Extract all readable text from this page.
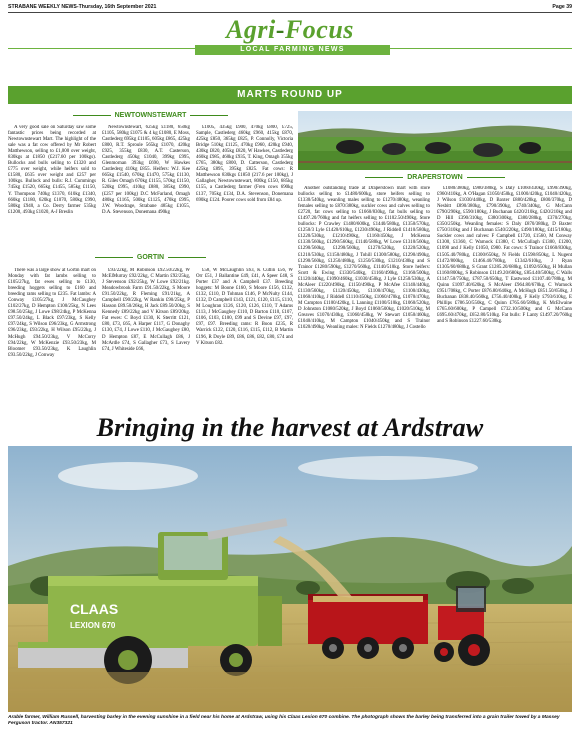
STRABANE WEEKLY NEWS-Thursday, 16th September 2021	Page 39
Agri-Focus
LOCAL FARMING NEWS
MARTS ROUND UP
NEWTOWNSTEWART

A very good sale on Saturday saw some fantastic prices being recorded at Newtownstewart Mart. The highlight of the sale was a fat cow offered by Mr Robert Matthewson, selling to £1,000 over weight, 830kgs at £1850 (£217.60 per 100kgs). Bullocks and bulls selling to £1320 and £775 over weight, while heifers sold to £1580, £635 over weight and £257 per 100kgs. Bullock and bulls: R.J. Cummings 745kg £1520, 665kg £1455, 585kg £1150, Y. Thompson 740kg £1370, 610kg £1340, 660kg £1180, 620kg £1070, 580kg £990, 580kg £940, a Co. Derry farmer 535kg £1200, 493kg £1020, A-J Breslin

Newtownstewart, 625kg £1180, 650kg £1105, 580kg £1075 & 4 kg £1080, E Moss, Castlederg 695kg £1105, 605kg £865, 425kg £800, R.T. Sproule 565kg £1070, 420kg £925, 355kg £830, A.T. Casterson, Castlederg 450kg £1040, 399kg £995, Glenmornan 393kg £690, W Hawkes Castlederg 410kg £855. Heifers: W.J. Kee 665kg £1540, 670kg £1470, 575kg £1130, R. Giles Omagh 670kg £1155, 570kg £1150, 520kg £995, 410kg £880, 385kg £990, (£257 per 100kg) D.C McFarland, Omagh 480kg £1165, 500kg £1125, 470kg £995, J.W. Woodrage, Strabane 485kg £1055, D.A. Stevenson, Donemana 490kg

£1005, 435kg £900, 470kg £800, £725, Sample, Castlederg 460kg £960, 415kg £870, 425kg £850, 365kg £825, P. Connolly, Victoria Bridge 510kg £1125, 470kg £960, 420kg £940, 430kg £820, 405kg £820, W Hawkes, Castlederg 460kg £985, 460kg £935, T. King, Omagh 355kg £765, 380kg £800, D. Catterson, Castlederg 425kg £895, 395kg £825. Fat cows: R Matthewson 830kgs £1850 (217.6 per 100kg), J Gallagher, Newtownstewart, 800kg £150, 685kg £155, a Castlederg farmer (Fren cows 690kg £137, 705kg £134, D.A. Stevenson, Donemana 690kg £124. Poorer cows sold from £84 up.

GORTIN

There was a large show at Gortin mart on Monday with fat lambs selling to £105/27kg, fat ewes selling to £130, breeding hoggets selling to £160 and breeding rams selling to £235. Fat lambs: A Conway £105/27kg, J McCaughey £102/27kg, D Hempton £100/25kg, N Lees £98.50/25kg, J Lowe £98/24kg, P McKenna £97.50/24kg, L Black £97/23kg, S Kelly £97/24kg, S Wilson £96/23kg, G Armstrong £96/23kg, £93/22kg, H Wilson £95/22kg, J McHugh £94.50/23kg, V McCorry £94/22kg, W McKenzie £93.50/23kg, M Bloomer £93.50/23kg, K Laughlin £93.50/22kg, J Conway

£93/22kg, M Robinson £92.50/22kg, W McElMurray £92/22kg, C Martin £92/25kg, J Stevenson £92/25kg, W Lowe £92/21kg. Meadowbrook Farm £91.50/22kg, S Moore £91.50/22kg, R Fleming £91/21kg, A Campbell £90/22kg, W Rankin £90/25kg, P Hasson £89.50/26kg, H Jack £89.50/20kg, S Kennedy £89/22kg and V Kitson £89/20kg. Fat ewes: C Boyd £130, K Sterritt £121, £80, £73, £65, A Harper £117, G Donaghy £130, £74, J Lowe £110, J McGaughey £80, D Hempton £87, E McCullagh £86, J McArdle £74, S Gallagher £73, S Lavery £74, J Whiteside £66,

£58, W McLaughlin £63, K Cutlin £56, W Orr £51, J Ballantine £49, £41, A Speer £48, S Porter £37 and A Campbell £37. Breeding hoggets: M Boone £160, S Moore £156, £132, £132, £110, D Tohman £146, P McNulty £144, £132, D Campbell £143, £121, £120, £115, £110, M Loughran £126, £120, £126, £110, T Adams £113, J McGaughey £110, D Barton £110, £107, £106, £103, £100, £99 and S Devine £97, £97, £97, £97. Breeding rams: R Boon £235, R Warrick £122, £120, £116, £115, £112, B Martin £196, R Doyle £89, £86, £86, £82, £80, £74 and V Kitson £82.

DRAPERSTOWN

Another outstanding trade at Draperstown mart with store bullocks selling to £1480/600kg, store heifers selling to £1330/540kg, weanling males selling to £1270/480kg, weanling females selling to £870/380kg, suckler cows and calves selling to £2720, fat cows selling to £1660/830kg, fat bulls selling to £1497.20/760kg and fat heifers selling to £1102.50/490kg. Store bullocks: P Crawley £1480/600kg, £1440/580kg, £1350/570kg, £1250/3 Lyle £1420/610kg, £1230/490kg, J Riddell £1410/580kg, £1220/530kg, £1210/490kg, £1160/450kg, J McKenna £1330/560kg, £1290/560kg, £1140/580kg, W Lowe £1310/560kg, £1290/560kg, £1290/560kg, £1270/520kg, £1220/520kg, £1210/530kg, £1150/480kg, J Tohill £1300/580kg, £1290/490kg, £1290/560kg, £1250/480kg, £1250/530kg, £1210/430kg and S Trainor £1280/590kg, £1270/560kg, £1140/510kg. Store heifers: Scott & Ewing £1330/540kg, £1160/490kg, £1160/500kg, £1120/440kg, £1090/460kg, £1030/450kg, J Lyle £1250/530kg, A McAleer £1220/490kg, £1150/490kg, P McAfee £1140/440kg, £1130/560kg, £1120/450kg, £1100/470kg, £1100/430kg, £1060/410kg, J Riddell £1110/450kg, £1060/470kg, £1070/470kg, M Campton £1100/420kg, L Lanning £1100/510kg, £1060/520kg, D Johnston £1080/520kg, J Boyd £1060/500kg, £1020/510kg, M Greaves £1070/430kg, £1060/450kg, W Stewart £1050/460kg, £1040/410kg, M Campton £1040/450kg and S Trainor £1020/490kg. Weanling males: N Fields £1270/480kg, J Costello

£1080/380kg, £980/380kg, S Daly £1060/430kg, £990/390kg, £960/410kg, A O'Hagan £1050/450kg, £1000/420kg, £1040/420kg, J Wilson £1030/440kg, D Baxter £880/420kg, £800/370kg, D Nesbitt £890/380kg, £790/390kg, £740/340kg, G McCann £790/290kg, £590/180kg, J Buchanan £420/210kg, £420/210kg and D Hill £390/310kg, £380/300kg, £380/280kg, £370/270kg, £350/250kg. Weanling females: S Daly £870/380kg, D Baxter £750/310kg and J Buchanan £540/220kg, £490/180kg, £415/180kg. Suckler cows and calves: F Campbell £1720, £1560, M Conway £1300, £1360, C Warnock £1380, C McCullagh £1300, £1200, £1090 and J Kelly £1050, £980. Fat cows: S Trainor £1660/830kg, £1505.40/780kg, £1300/650kg, N Fields £1598/850kg, L Nugent £1472/800kg, £1466.40/780kg, £1342/610kg, J Ryan £1305/60/680kg, S Grant £1285.20/680kg, £1092/650kg, H Mullan £1160/800kg, S Robinson £1149.20/680kg, £854.40/500kg, C Walls £1147.50/750kg, £787.50/650kg, T Eastwood £1107.40/780kg, M Quinn £1097.40/620kg, S McAleer £964.80/670kg, C Warnock £951/708kg, C Porter £876.80/640kg, A McHugh £851.50/650kg, J Buchanan £838.40/560kg, £756.40/400kg, F Kelly £793/610kg, E Phillips £786.50/550kg, C Quinn £765.60/580kg, K McElwaine £765.60/600kg, P Campell £732.10/500kg and G McCann £695.60/470kg, £652.80/510kg. Fat bulls: F Lanty £1497.20/760kg and S Robinson £1227.60/530kg.

Bringing in the harvest at Ardstraw
CLAAS
LEXION 670
Arable farmer, William Russell, harvesting barley in the evening sunshine in a field near his home at Ardstraw, using his Claas Lexion 670 combine. The photograph shows the barley being transferred into a grain trailer towed by a Massey Ferguson tractor. AN357321
